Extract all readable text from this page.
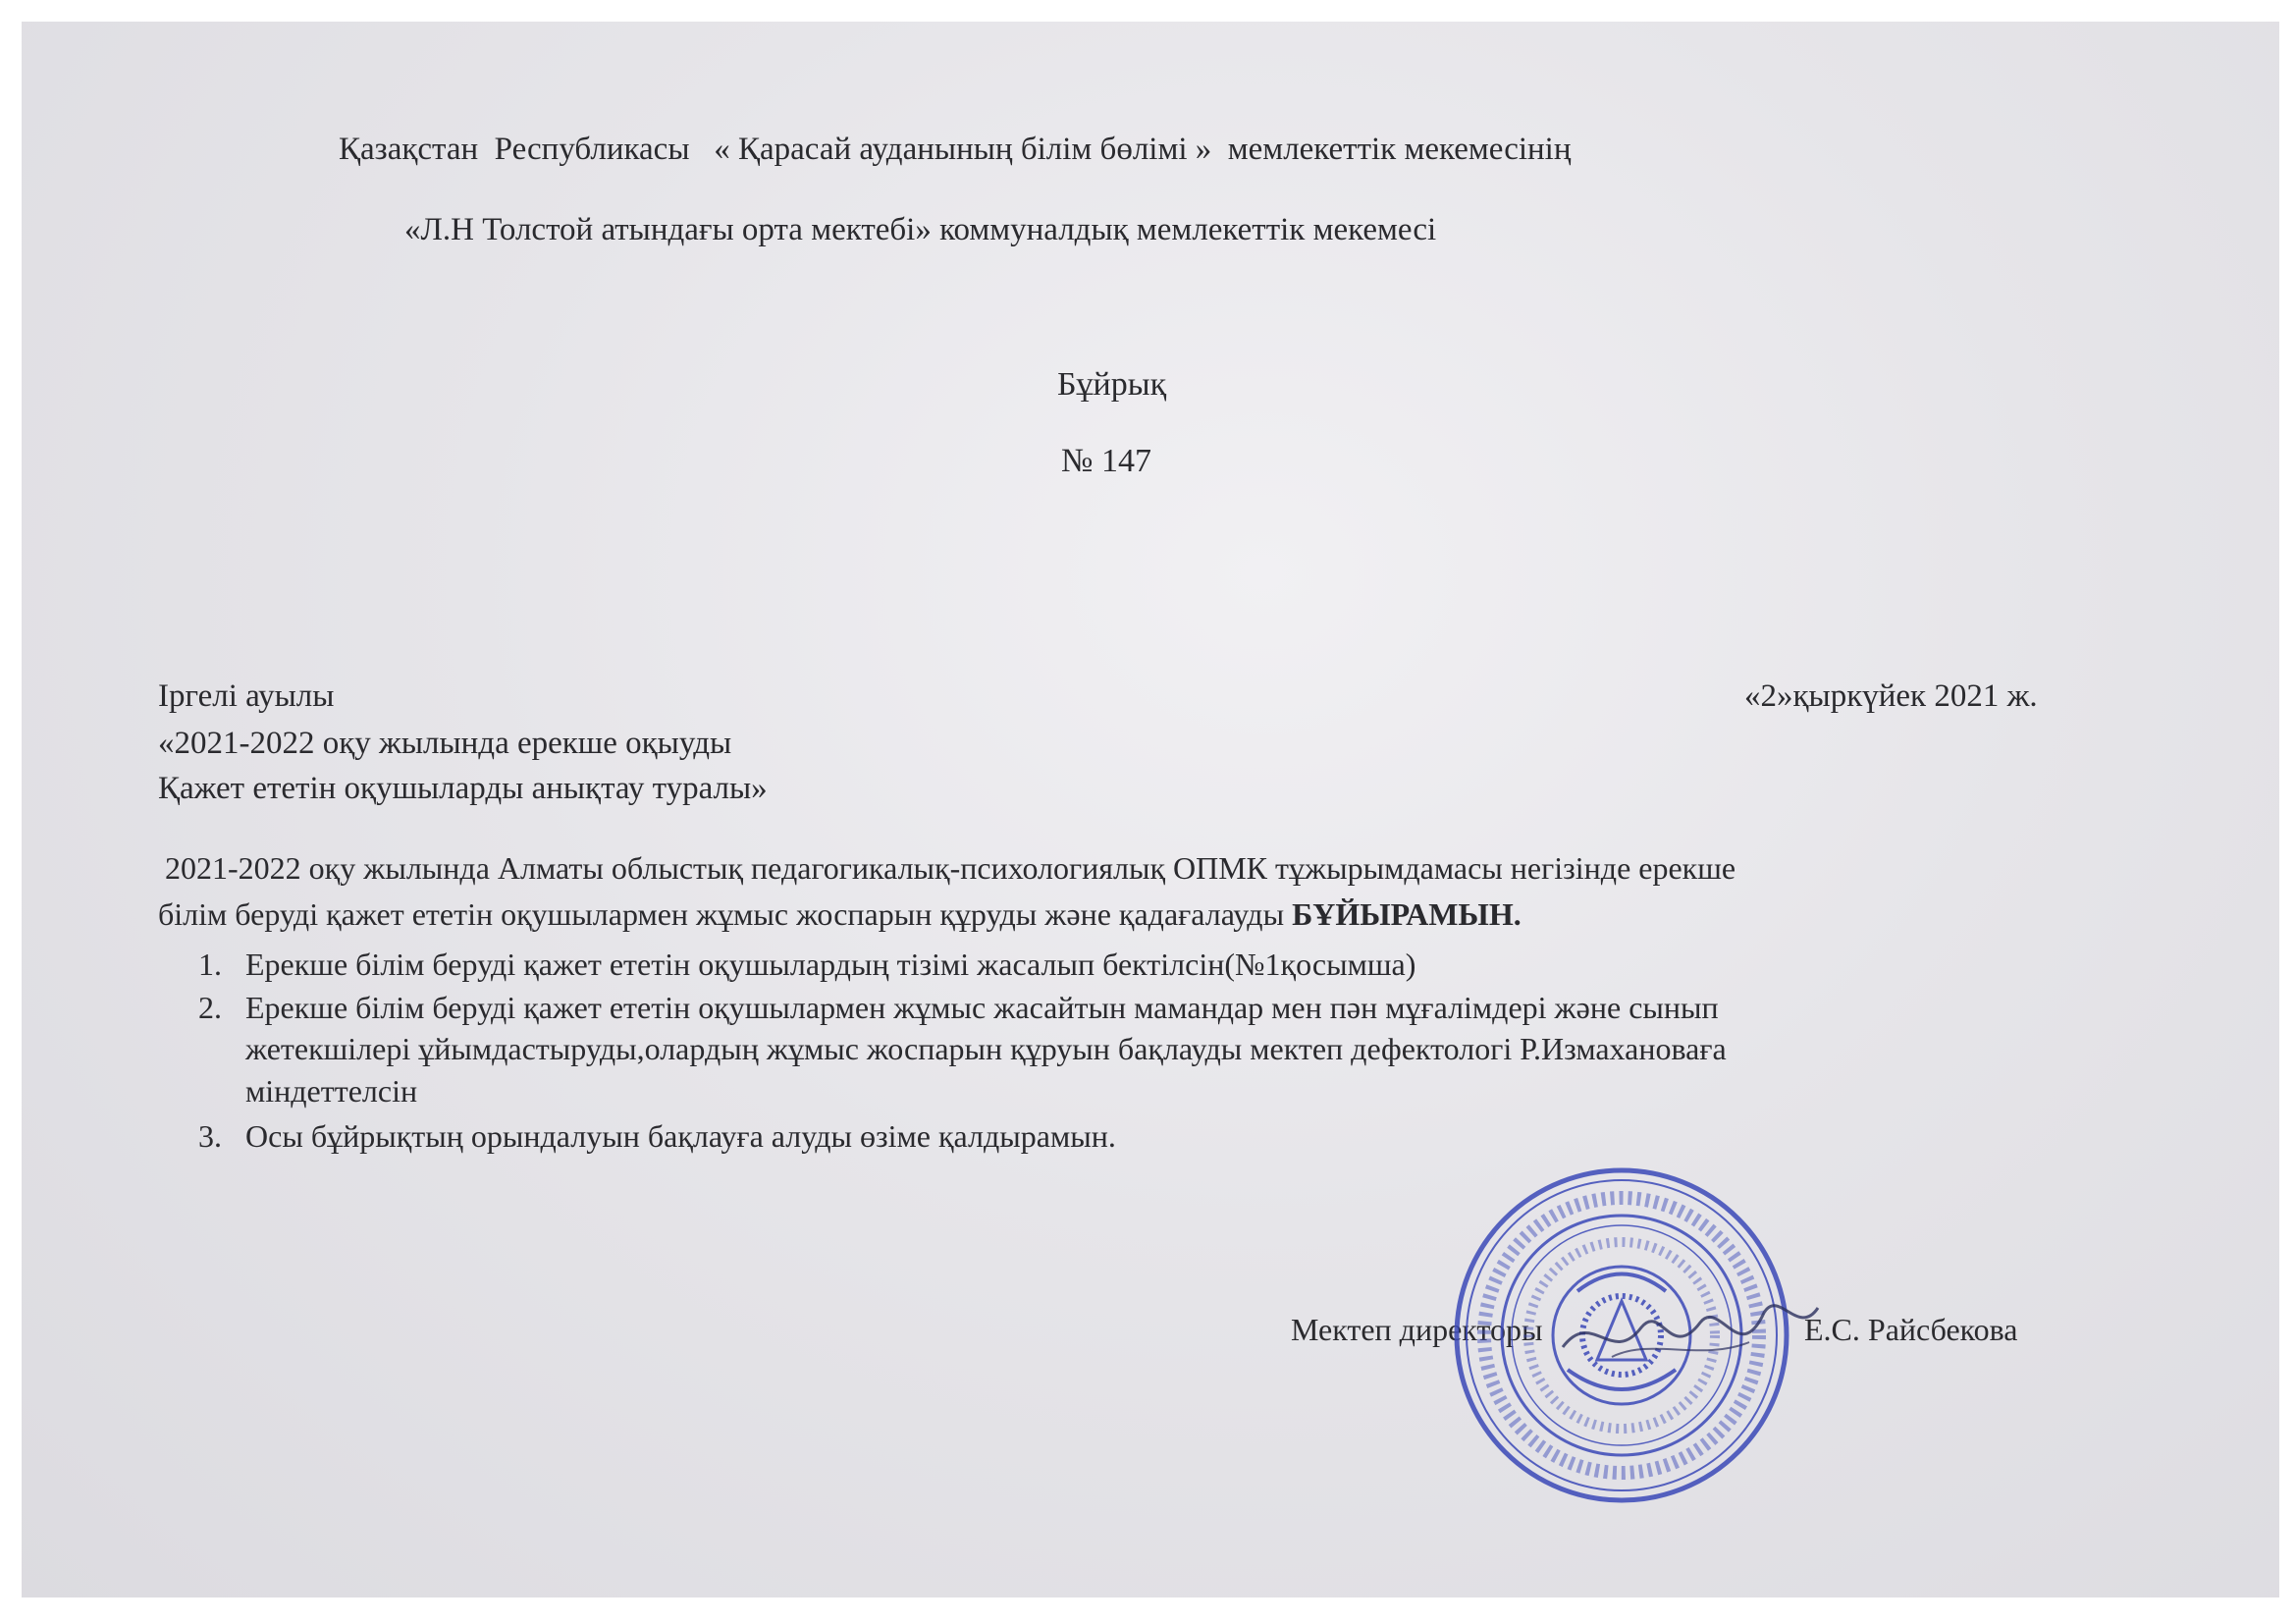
Қазақстан  Республикасы   « Қарасай ауданының білім бөлімі »  мемлекеттік мекемесінің
«Л.Н Толстой атындағы орта мектебі» коммуналдық мемлекеттік мекемесі
Бұйрық
№ 147
Іргелі ауылы	«2»қыркүйек 2021 ж.
«2021-2022 оқу жылында ерекше оқыуды
Қажет ететін оқушыларды анықтау туралы»
2021-2022 оқу жылында Алматы облыстық педагогикалық-психологиялық ОПМК тұжырымдамасы негізінде ерекше
білім беруді қажет ететін оқушылармен жұмыс жоспарын құруды және қадағалауды БҰЙЫРАМЫН.
1. Ерекше білім беруді қажет ететін оқушылардың тізімі жасалып бектілсін(№1қосымша)
2. Ерекше білім беруді қажет ететін оқушылармен жұмыс жасайтын мамандар мен пән мұғалімдері және сынып
жетекшілері ұйымдастыруды,олардың жұмыс жоспарын құруын бақлауды мектеп дефектологі Р.Измахановаға
міндеттелсін
3. Осы бұйрықтың орындалуын бақлауға алуды өзіме қалдырамын.
Мектеп директоры	Е.С. Райсбекова
